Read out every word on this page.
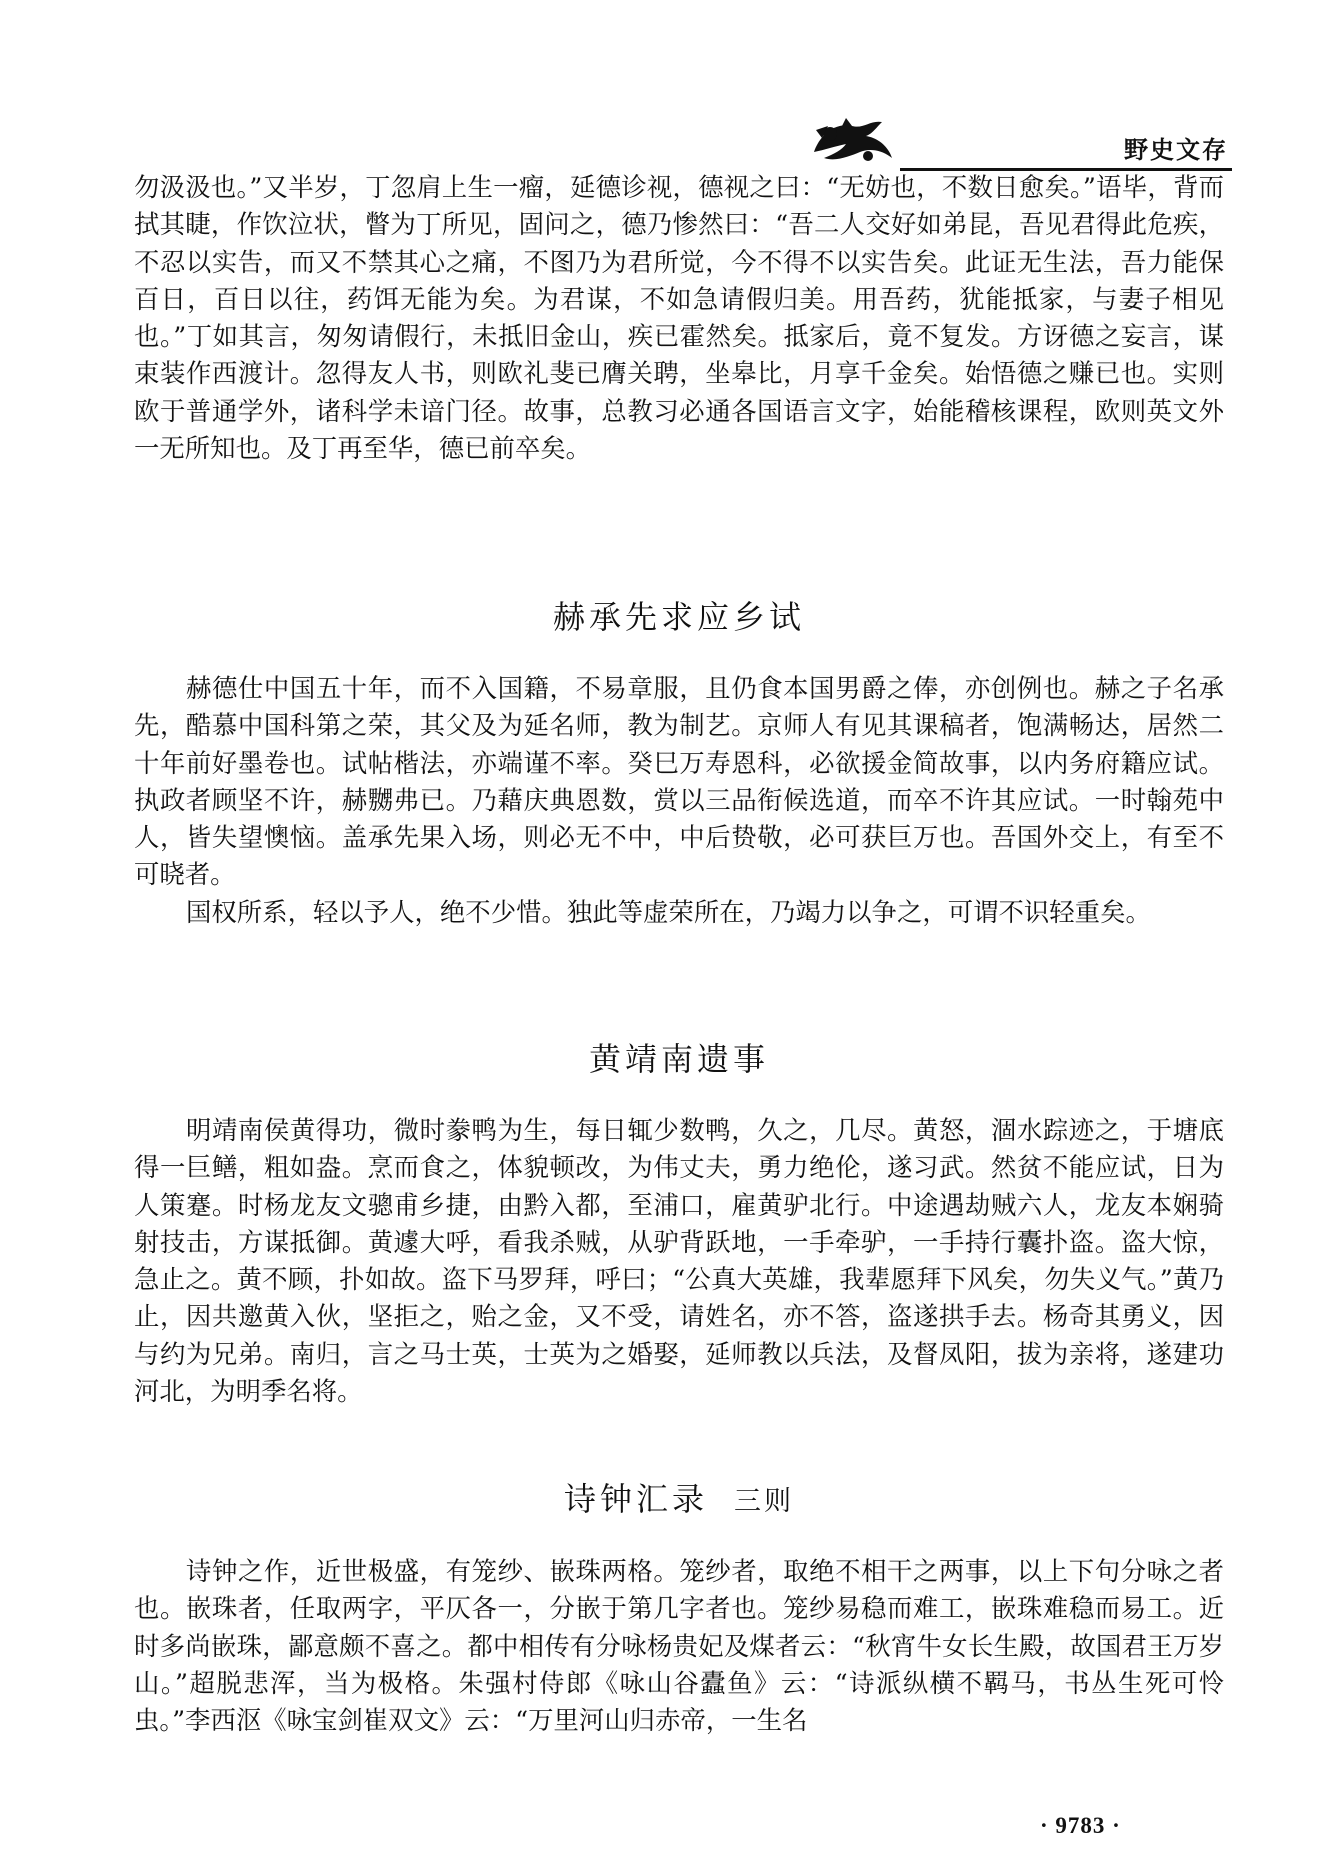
野史文存

勿汲汲也。”又半岁，丁忽肩上生一瘤，延德诊视，德视之曰：“无妨也，不数日愈矣。”语毕，背而拭其睫，作饮泣状，瞥为丁所见，固问之，德乃惨然曰：“吾二人交好如弟昆，吾见君得此危疾，不忍以实告，而又不禁其心之痛，不图乃为君所觉，今不得不以实告矣。此证无生法，吾力能保百日，百日以往，药饵无能为矣。为君谋，不如急请假归美。用吾药，犹能抵家，与妻子相见也。”丁如其言，匆匆请假行，未抵旧金山，疾已霍然矣。抵家后，竟不复发。方讶德之妄言，谋束装作西渡计。忽得友人书，则欧礼斐已膺关聘，坐皋比，月享千金矣。始悟德之赚已也。实则欧于普通学外，诸科学未谙门径。故事，总教习必通各国语言文字，始能稽核课程，欧则英文外一无所知也。及丁再至华，德已前卒矣。

赫承先求应乡试

赫德仕中国五十年，而不入国籍，不易章服，且仍食本国男爵之俸，亦创例也。赫之子名承先，酷慕中国科第之荣，其父及为延名师，教为制艺。京师人有见其课稿者，饱满畅达，居然二十年前好墨卷也。试帖楷法，亦端谨不率。癸巳万寿恩科，必欲援金简故事，以内务府籍应试。执政者顾坚不许，赫嬲弗已。乃藉庆典恩数，赏以三品衔候选道，而卒不许其应试。一时翰苑中人，皆失望懊恼。盖承先果入场，则必无不中，中后贽敬，必可获巨万也。吾国外交上，有至不可晓者。

国权所系，轻以予人，绝不少惜。独此等虚荣所在，乃竭力以争之，可谓不识轻重矣。

黄靖南遗事

明靖南侯黄得功，微时豢鸭为生，每日辄少数鸭，久之，几尽。黄怒，涸水踪迹之，于塘底得一巨鳝，粗如盎。烹而食之，体貌顿改，为伟丈夫，勇力绝伦，遂习武。然贫不能应试，日为人策蹇。时杨龙友文骢甫乡捷，由黔入都，至浦口，雇黄驴北行。中途遇劫贼六人，龙友本娴骑射技击，方谋抵御。黄遽大呼，看我杀贼，从驴背跃地，一手牵驴，一手持行囊扑盗。盗大惊，急止之。黄不顾，扑如故。盗下马罗拜，呼曰；“公真大英雄，我辈愿拜下风矣，勿失义气。”黄乃止，因共邀黄入伙，坚拒之，贻之金，又不受，请姓名，亦不答，盗遂拱手去。杨奇其勇义，因与约为兄弟。南归，言之马士英，士英为之婚娶，延师教以兵法，及督凤阳，拔为亲将，遂建功河北，为明季名将。

诗钟汇录 三则

诗钟之作，近世极盛，有笼纱、嵌珠两格。笼纱者，取绝不相干之两事，以上下句分咏之者也。嵌珠者，任取两字，平仄各一，分嵌于第几字者也。笼纱易稳而难工，嵌珠难稳而易工。近时多尚嵌珠，鄙意颇不喜之。都中相传有分咏杨贵妃及煤者云：“秋宵牛女长生殿，故国君王万岁山。”超脱悲浑，当为极格。朱强村侍郎《咏山谷蠹鱼》云：“诗派纵横不羁马，书丛生死可怜虫。”李西沤《咏宝剑崔双文》云：“万里河山归赤帝，一生名

· 9783 ·
